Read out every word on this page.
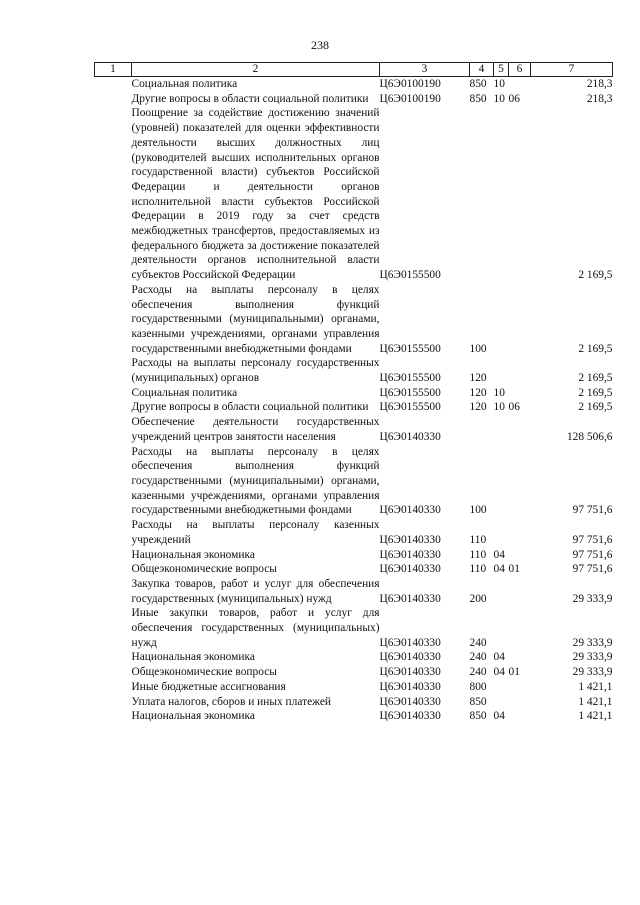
238
1	2	3	4	5	6	7
	Социальная политика	Ц6Э0100190	850	10		218,3
	Другие вопросы в области социальной политики	Ц6Э0100190	850	10	06	218,3
	Поощрение за содействие достижению значений (уровней) показателей для оценки эффективности деятельности высших должностных лиц (руководителей высших исполнительных органов государственной власти) субъектов Российской Федерации и деятельности органов исполнительной власти субъектов Российской Федерации в 2019 году за счет средств межбюджетных трансфертов, предоставляемых из федерального бюджета за достижение показателей деятельности органов исполнительной власти субъектов Российской Федерации	Ц6Э0155500				2 169,5
	Расходы на выплаты персоналу в целях обеспечения выполнения функций государственными (муниципальными) органами, казенными учреждениями, органами управления государственными внебюджетными фондами	Ц6Э0155500	100			2 169,5
	Расходы на выплаты персоналу государственных (муниципальных) органов	Ц6Э0155500	120			2 169,5
	Социальная политика	Ц6Э0155500	120	10		2 169,5
	Другие вопросы в области социальной политики	Ц6Э0155500	120	10	06	2 169,5
	Обеспечение деятельности государственных учреждений центров занятости населения	Ц6Э0140330				128 506,6
	Расходы на выплаты персоналу в целях обеспечения выполнения функций государственными (муниципальными) органами, казенными учреждениями, органами управления государственными внебюджетными фондами	Ц6Э0140330	100			97 751,6
	Расходы на выплаты персоналу казенных учреждений	Ц6Э0140330	110			97 751,6
	Национальная экономика	Ц6Э0140330	110	04		97 751,6
	Общеэкономические вопросы	Ц6Э0140330	110	04	01	97 751,6
	Закупка товаров, работ и услуг для обеспечения государственных (муниципальных) нужд	Ц6Э0140330	200			29 333,9
	Иные закупки товаров, работ и услуг для обеспечения государственных (муниципальных) нужд	Ц6Э0140330	240			29 333,9
	Национальная экономика	Ц6Э0140330	240	04		29 333,9
	Общеэкономические вопросы	Ц6Э0140330	240	04	01	29 333,9
	Иные бюджетные ассигнования	Ц6Э0140330	800			1 421,1
	Уплата налогов, сборов и иных платежей	Ц6Э0140330	850			1 421,1
	Национальная экономика	Ц6Э0140330	850	04		1 421,1
